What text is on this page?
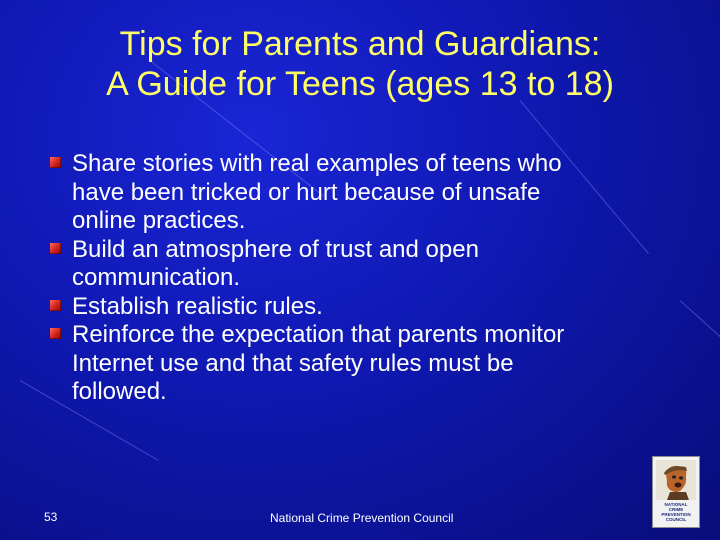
Tips for Parents and Guardians:
A Guide for Teens (ages 13 to 18)
Share stories with real examples of teens who
have been tricked or hurt because of unsafe
online practices.
Build an atmosphere of trust and open
communication.
Establish realistic rules.
Reinforce the expectation that parents monitor
Internet use and that safety rules must be
followed.
53	National Crime Prevention Council
NATIONAL
CRIME
PREVENTION
COUNCIL
